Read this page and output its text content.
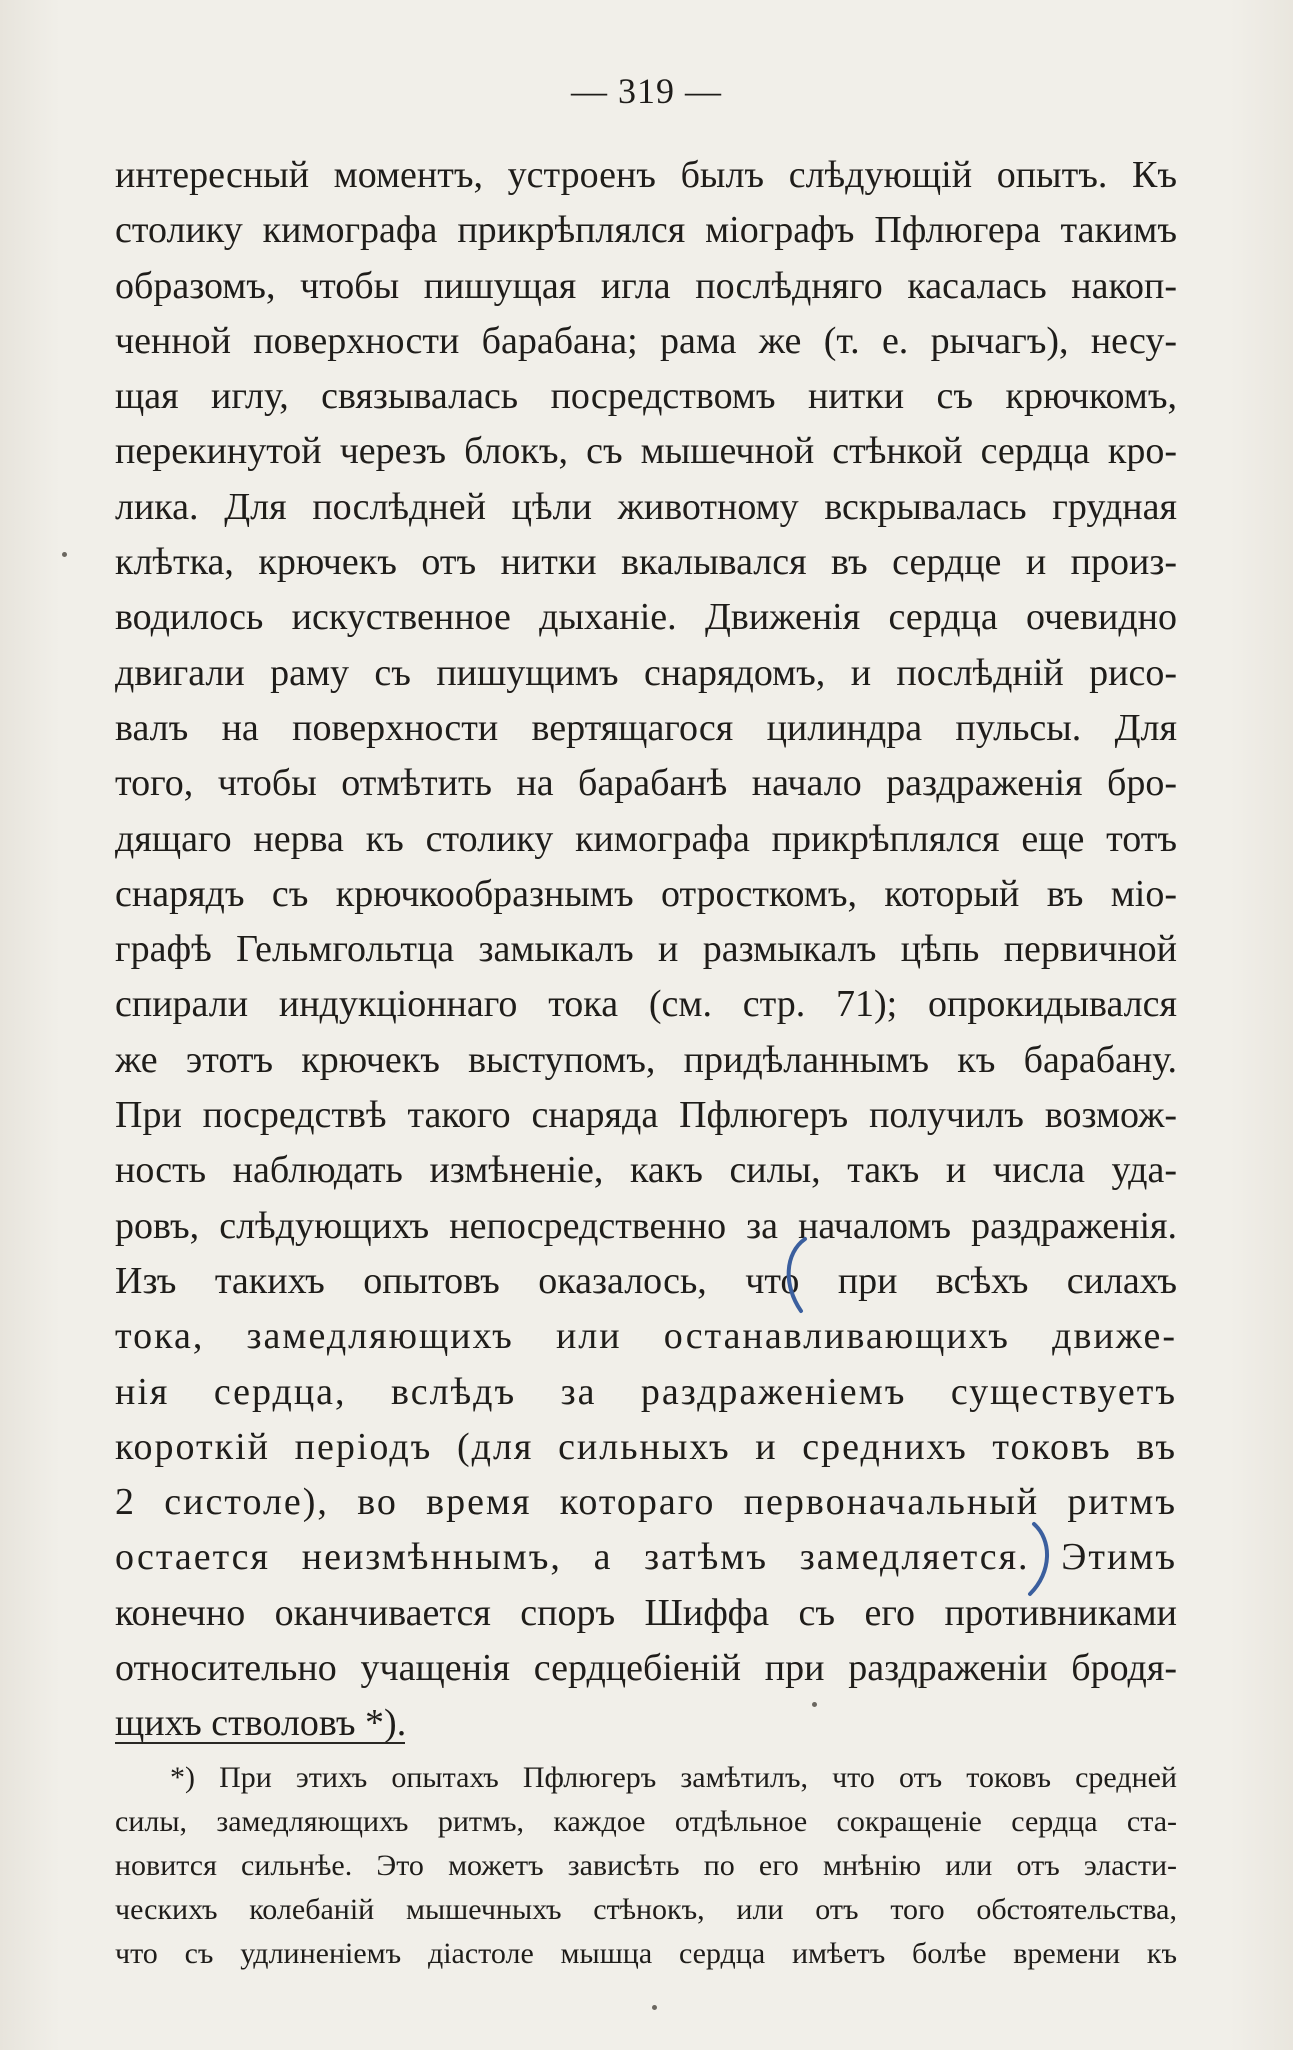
— 319 —
интересный моментъ, устроенъ былъ слѣдующій опытъ. Къ
столику кимографа прикрѣплялся міографъ Пфлюгера такимъ
образомъ, чтобы пишущая игла послѣдняго касалась накоп-
ченной поверхности барабана; рама же (т. е. рычагъ), несу-
щая иглу, связывалась посредствомъ нитки съ крючкомъ,
перекинутой черезъ блокъ, съ мышечной стѣнкой сердца кро-
лика. Для послѣдней цѣли животному вскрывалась грудная
клѣтка, крючекъ отъ нитки вкалывался въ сердце и произ-
водилось искуственное дыханіе. Движенія сердца очевидно
двигали раму съ пишущимъ снарядомъ, и послѣдній рисо-
валъ на поверхности вертящагося цилиндра пульсы. Для
того, чтобы отмѣтить на барабанѣ начало раздраженія бро-
дящаго нерва къ столику кимографа прикрѣплялся еще тотъ
снарядъ съ крючкообразнымъ отросткомъ, который въ міо-
графѣ Гельмгольтца замыкалъ и размыкалъ цѣпь первичной
спирали индукціоннаго тока (см. стр. 71); опрокидывался
же этотъ крючекъ выступомъ, придѣланнымъ къ барабану.
При посредствѣ такого снаряда Пфлюгеръ получилъ возмож-
ность наблюдать измѣненіе, какъ силы, такъ и числа уда-
ровъ, слѣдующихъ непосредственно за началомъ раздраженія.
Изъ такихъ опытовъ оказалось, что при всѣхъ силахъ
тока, замедляющихъ или останавливающихъ движе-
нія сердца, вслѣдъ за раздраженіемъ существуетъ
короткій періодъ (для сильныхъ и среднихъ токовъ въ
2 систоле), во время котораго первоначальный ритмъ
остается неизмѣннымъ, а затѣмъ замедляется. Этимъ
конечно оканчивается споръ Шиффа съ его противниками
относительно учащенія сердцебіеній при раздраженіи бродя-
щихъ стволовъ *).
*) При этихъ опытахъ Пфлюгеръ замѣтилъ, что отъ токовъ средней
силы, замедляющихъ ритмъ, каждое отдѣльное сокращеніе сердца ста-
новится сильнѣе. Это можетъ зависѣть по его мнѣнію или отъ эласти-
ческихъ колебаній мышечныхъ стѣнокъ, или отъ того обстоятельства,
что съ удлиненіемъ діастоле мышца сердца имѣетъ болѣе времени къ
